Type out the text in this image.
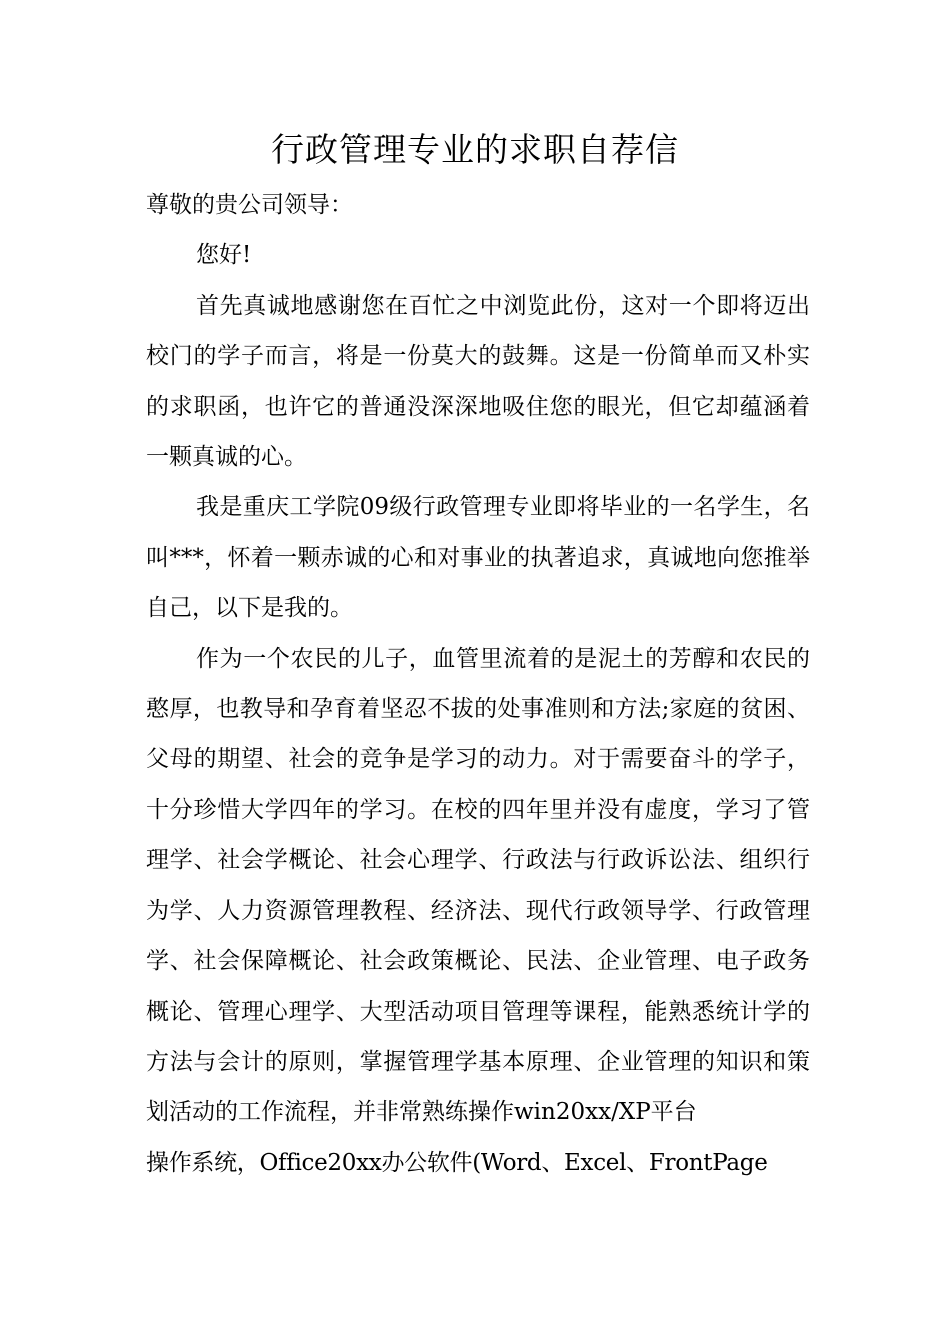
行政管理专业的求职自荐信

尊敬的贵公司领导：

您好!

首先真诚地感谢您在百忙之中浏览此份，这对一个即将迈出校门的学子而言，将是一份莫大的鼓舞。这是一份简单而又朴实的求职函，也许它的普通没深深地吸住您的眼光，但它却蕴涵着一颗真诚的心。

我是重庆工学院09级行政管理专业即将毕业的一名学生，名叫***，怀着一颗赤诚的心和对事业的执著追求，真诚地向您推举自己，以下是我的。

作为一个农民的儿子，血管里流着的是泥土的芳醇和农民的憨厚，也教导和孕育着坚忍不拔的处事准则和方法;家庭的贫困、父母的期望、社会的竞争是学习的动力。对于需要奋斗的学子，十分珍惜大学四年的学习。在校的四年里并没有虚度，学习了管理学、社会学概论、社会心理学、行政法与行政诉讼法、组织行为学、人力资源管理教程、经济法、现代行政领导学、行政管理学、社会保障概论、社会政策概论、民法、企业管理、电子政务概论、管理心理学、大型活动项目管理等课程，能熟悉统计学的方法与会计的原则，掌握管理学基本原理、企业管理的知识和策划活动的工作流程，并非常熟练操作win20xx/XP平台

操作系统，Office20xx办公软件(Word、Excel、FrontPage
